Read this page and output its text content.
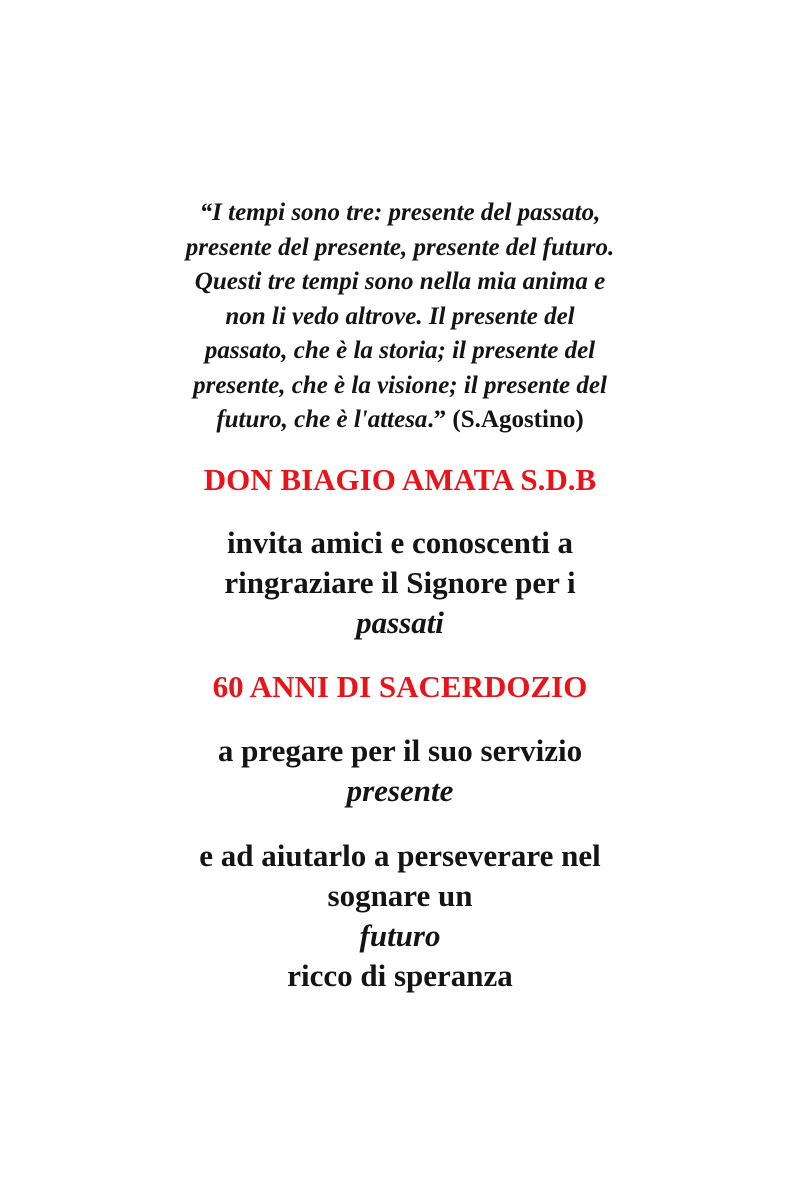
“I tempi sono tre: presente del passato,
presente del presente, presente del futuro.
Questi tre tempi sono nella mia anima e
non li vedo altrove. Il presente del
passato, che è la storia; il presente del
presente, che è la visione; il presente del
futuro, che è l'attesa.” (S.Agostino)
DON BIAGIO AMATA S.D.B
invita amici e conoscenti a
ringraziare il Signore per i
passati
60 ANNI DI SACERDOZIO
a pregare per il suo servizio
presente
e ad aiutarlo a perseverare nel
sognare un
futuro
ricco di speranza
